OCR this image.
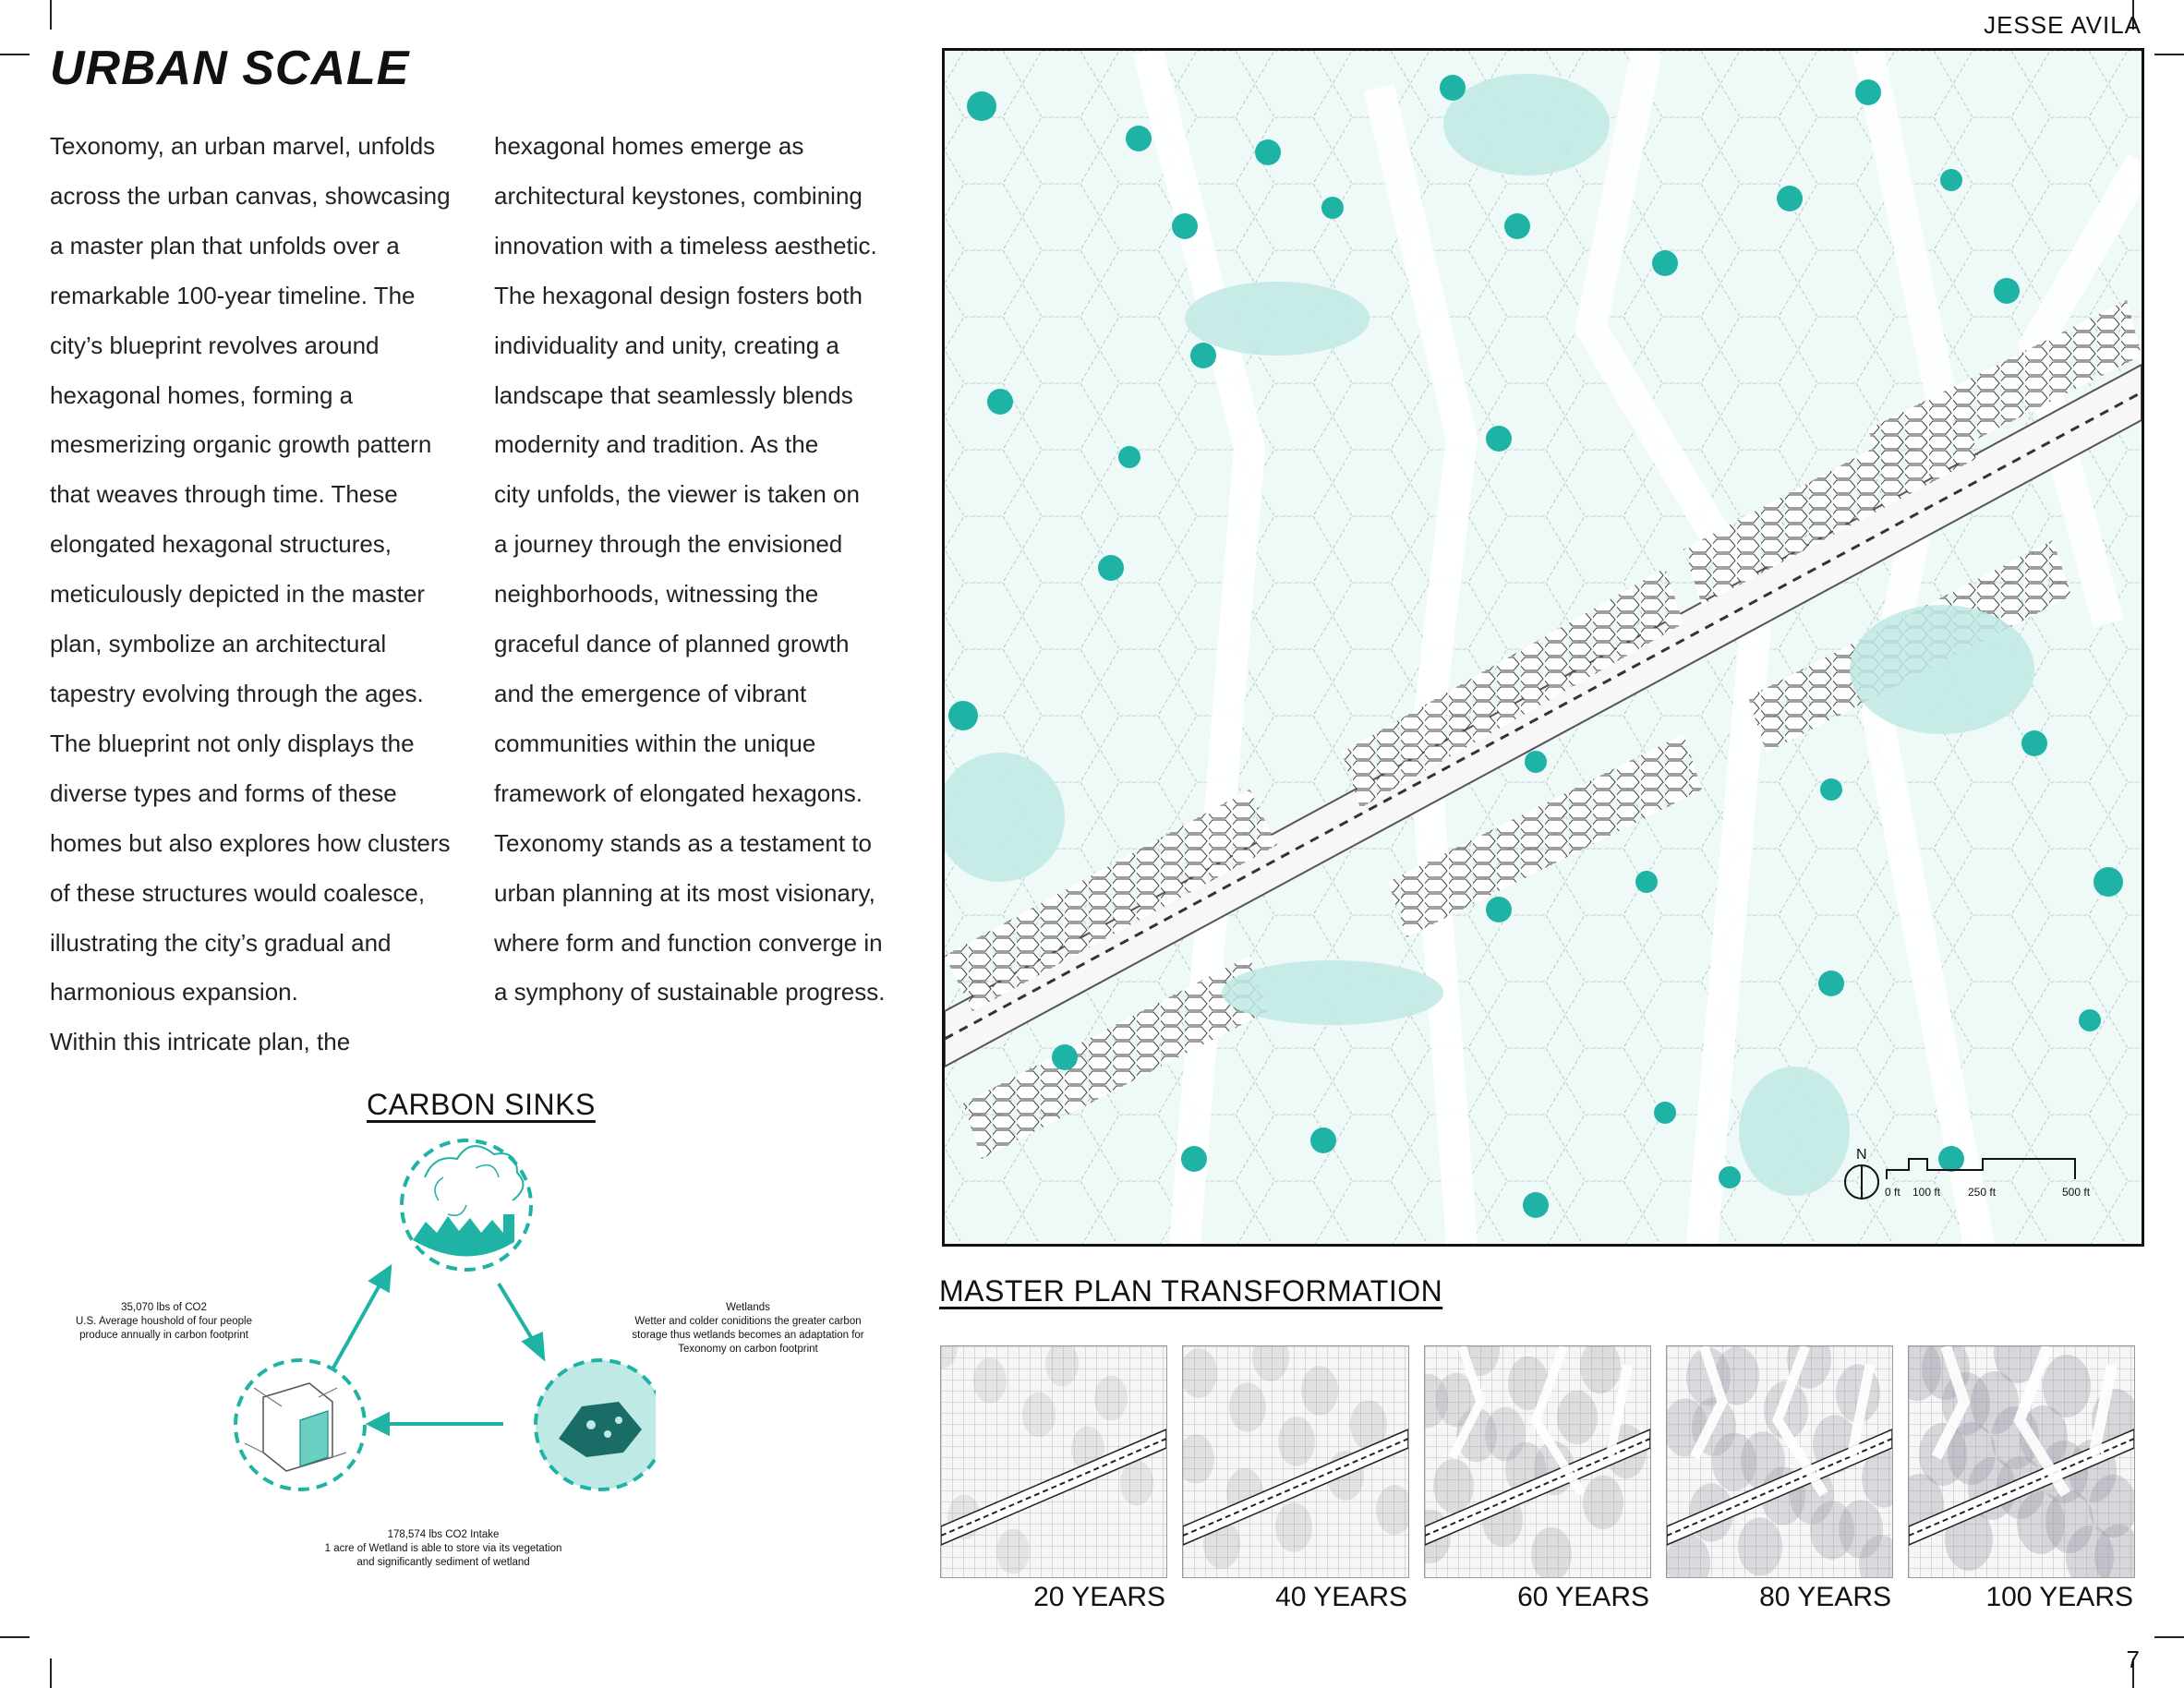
URBAN SCALE
JESSE AVILA
7

Texonomy, an urban marvel, unfolds

across the urban canvas, showcasing

a master plan that unfolds over a

remarkable 100-year timeline. The

city’s blueprint revolves around

hexagonal homes, forming a

mesmerizing organic growth pattern

that weaves through time. These

elongated hexagonal structures,

meticulously depicted in the master

plan, symbolize an architectural

tapestry evolving through the ages.

The blueprint not only displays the

diverse types and forms of these

homes but also explores how clusters

of these structures would coalesce,

illustrating the city’s gradual and

harmonious expansion.

Within this intricate plan, the

hexagonal homes emerge as

architectural keystones, combining

innovation with a timeless aesthetic.

The hexagonal design fosters both

individuality and unity, creating a

landscape that seamlessly blends

modernity and tradition. As the

city unfolds, the viewer is taken on

a journey through the envisioned

neighborhoods, witnessing the

graceful dance of planned growth

and the emergence of vibrant

communities within the unique

framework of elongated hexagons.

Texonomy stands as a testament to

urban planning at its most visionary,

where form and function converge in

a symphony of sustainable progress.

CARBON SINKS
35,070 lbs of CO2
U.S. Average houshold of four people
produce annually in carbon footprint
Wetlands
Wetter and colder coniditions the greater carbon
storage thus wetlands becomes an adaptation for
Texonomy on carbon footprint
178,574 lbs CO2 Intake
1 acre of Wetland is able to store via its vegetation
and significantly sediment of wetland
N
0 ft 100 ft 250 ft	500 ft
MASTER PLAN TRANSFORMATION
20 YEARS	40 YEARS	60 YEARS	80 YEARS	100 YEARS
